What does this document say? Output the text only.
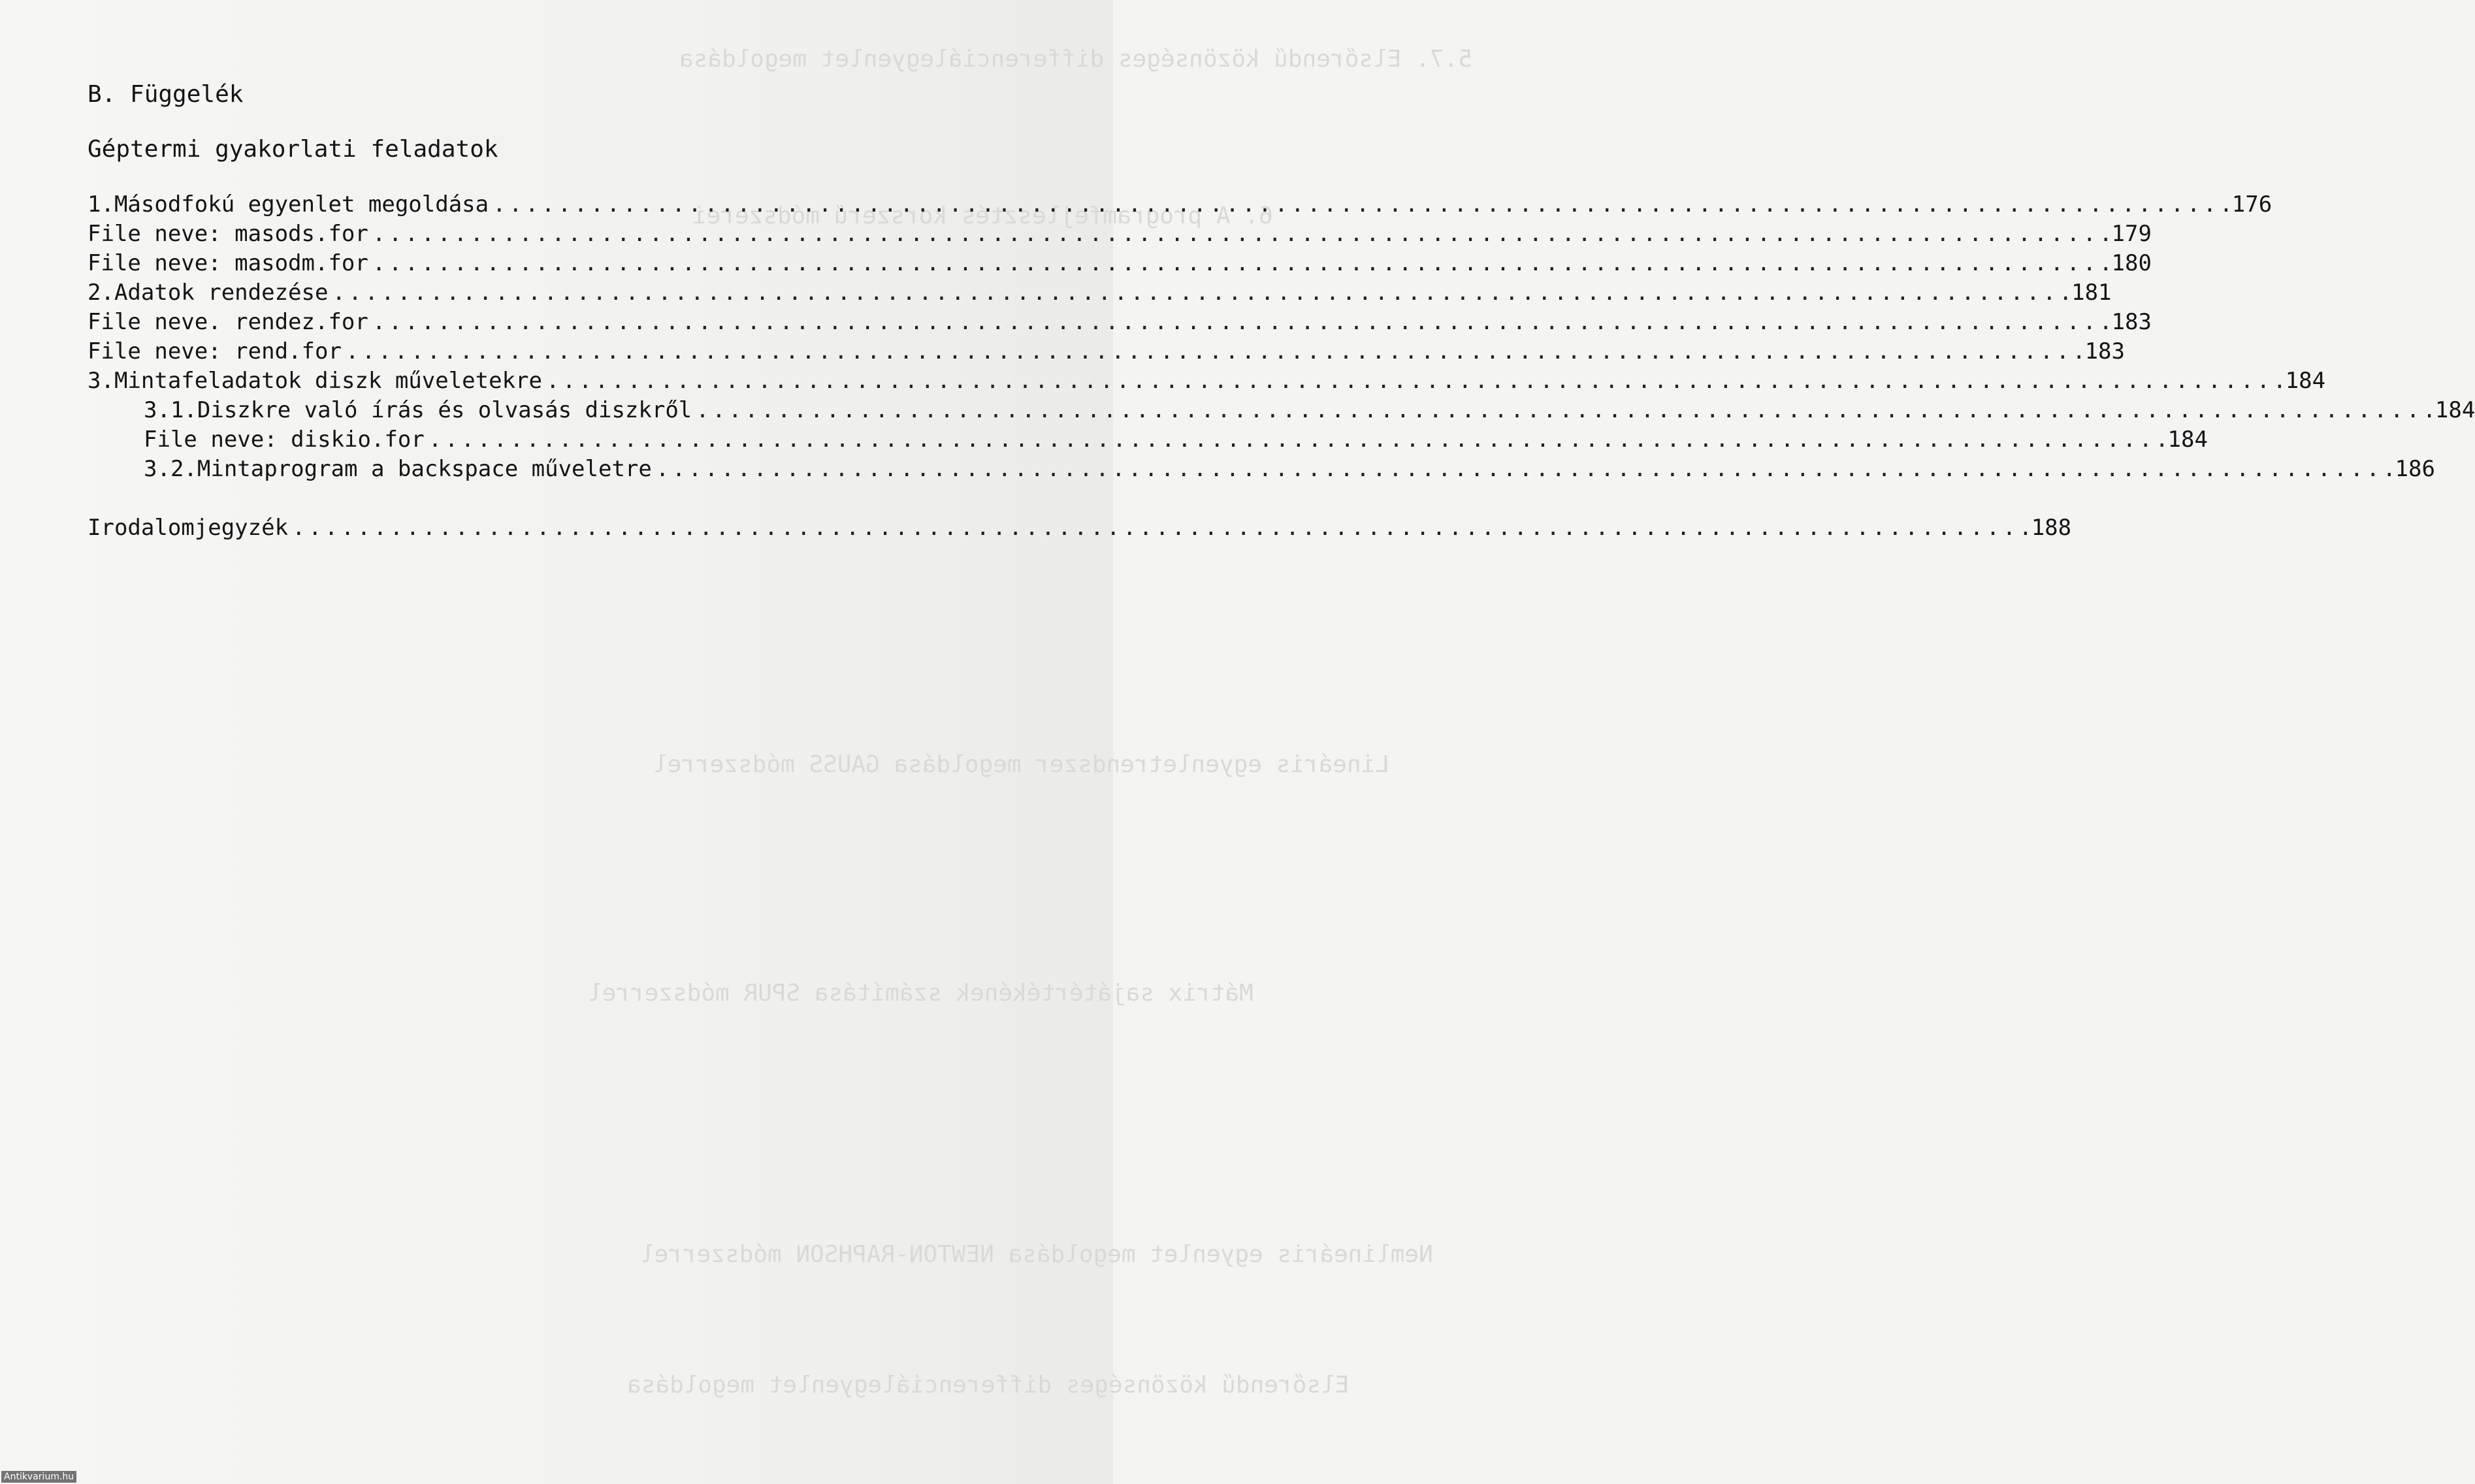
5.7. Elsőrendű közönséges differenciálegyenlet megoldása
6. A programfejlesztés korszerű módszerei
Lineáris egyenletrendszer megoldása GAUSS módszerrel
Mátrix sajátértékének számítása SPUR módszerrel
Nemlineáris egyenlet megoldása NEWTON-RAPHSON módszerrel
Elsőrendű közönséges differenciálegyenlet megoldása
B. Függelék
Géptermi gyakorlati feladatok
1. Másodfokú egyenlet megoldása . . .	176
File neve: masods.for . . .	179
File neve: masodm.for . . .	180
2. Adatok rendezése . . .	181
File neve. rendez.for . . .	183
File neve: rend.for . . .	183
3. Mintafeladatok diszk műveletekre . . .	184
3.1. Diszkre való írás és olvasás diszkről . . .	184
File neve: diskio.for . . .	184
3.2. Mintaprogram a backspace műveletre . . .	186
Irodalomjegyzék . . .	188
Antikvarium.hu
